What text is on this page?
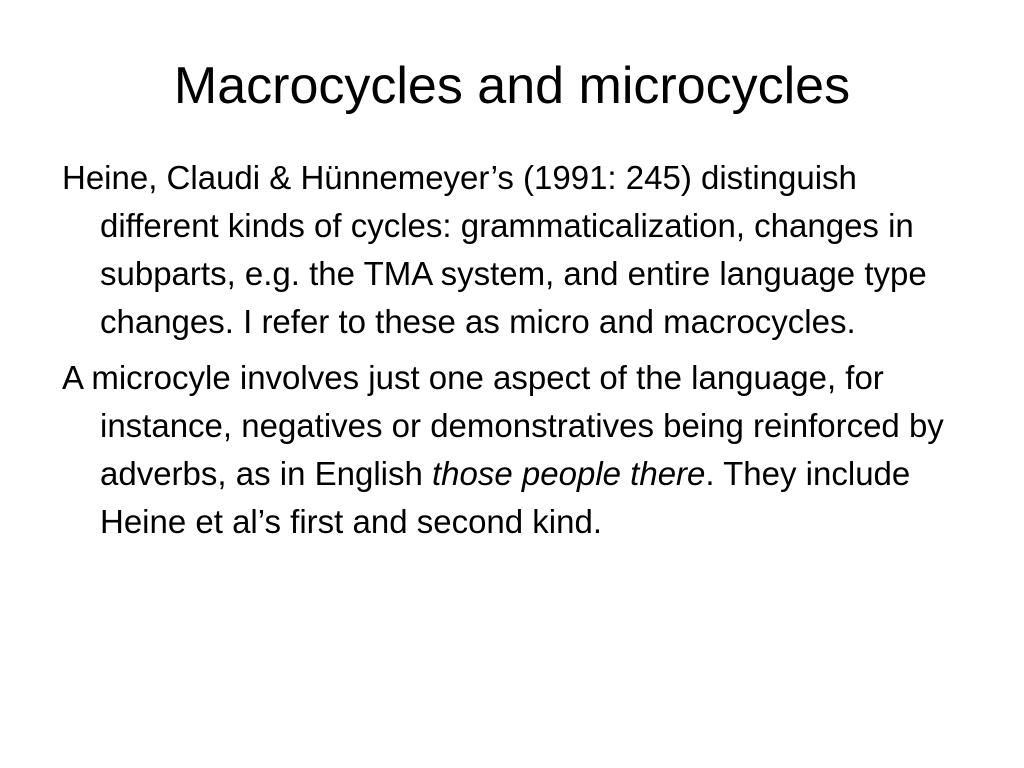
Macrocycles and microcycles

Heine, Claudi & Hünnemeyer’s (1991: 245) distinguish different kinds of cycles: grammaticalization, changes in subparts, e.g. the TMA system, and entire language type changes. I refer to these as micro and macrocycles.

A microcyle involves just one aspect of the language, for instance, negatives or demonstratives being reinforced by adverbs, as in English those people there. They include Heine et al’s first and second kind.
